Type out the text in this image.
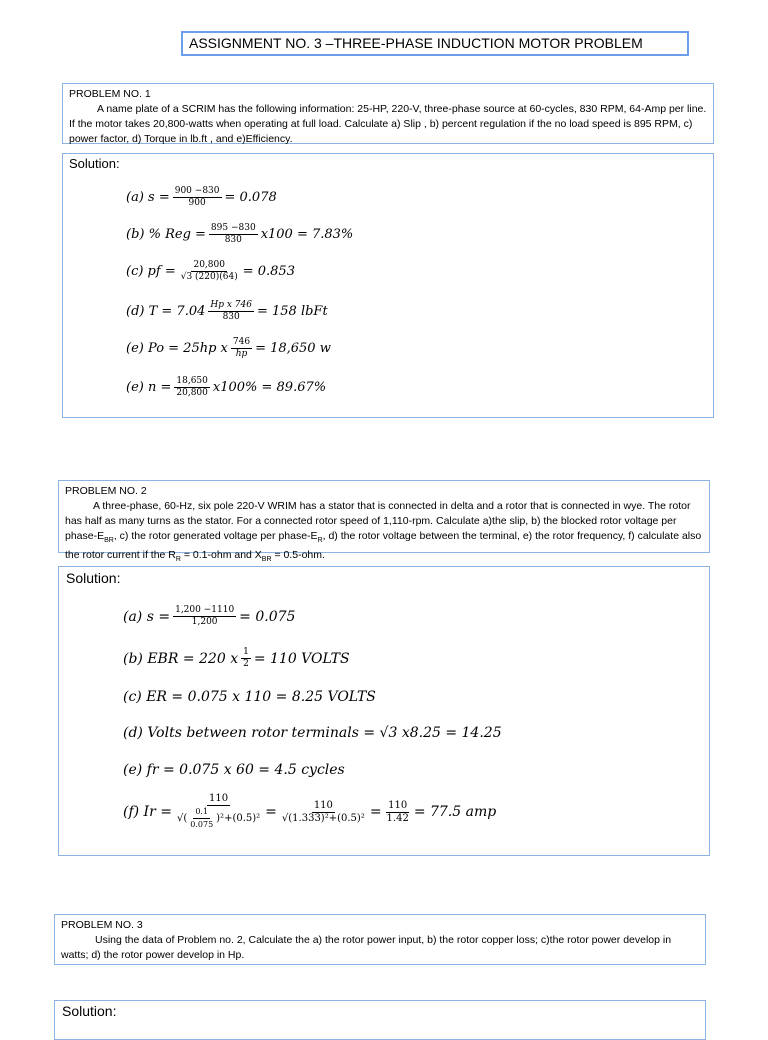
ASSIGNMENT NO. 3 –THREE-PHASE INDUCTION MOTOR PROBLEM

PROBLEM NO. 1

A name plate of a SCRIM has the following information: 25-HP, 220-V, three-phase source at 60-cycles, 830 RPM, 64-Amp per line. If the motor takes 20,800-watts when operating at full load. Calculate a) Slip , b) percent regulation if the no load speed is 895 RPM, c) power factor, d) Torque in lb.ft , and e)Efficiency.

Solution:
(a) $s = \frac{900 -830}{900} = 0.078$
(b) % Reg = $\frac{895 -830}{830} x100 = 7.83\%$
(c) pf = $\frac{20,800}{√3 (220)(64)} = 0.853$
(d) $T = 7.04 \frac{\text{Hp x 746}}{830} = 158$ lbFt
(e) Po = 25hp x $\frac{746}{hp} = 18,650$ w
(e) $n = \frac{18,650}{20,800} x100\% = 89.67\%$

PROBLEM NO. 2

A three-phase, 60-Hz, six pole 220-V WRIM has a stator that is connected in delta and a rotor that is connected in wye. The rotor has half as many turns as the stator. For a connected rotor speed of 1,110-rpm. Calculate a)the slip, b) the blocked rotor voltage per phase-$E_{BR}$, c) the rotor generated voltage per phase-$E_R$, d) the rotor voltage between the terminal, e) the rotor frequency, f) calculate also the rotor current if the $R_R = 0.1-ohm$ and $X_{BR} = 0.5-ohm$.

Solution:
(a) $s = \frac{1,200 -1110}{1,200} = 0.075$
(b) EBR = 220 x $\frac{1}{2} = 110$ VOLTS
(c) ER = 0.075 x 110 = 8.25 VOLTS
(d) Volts between rotor terminals = √3 x8.25 = 14.25
(e) fr = 0.075 x 60 = 4.5 cycles
(f) $Ir = \frac{110}{√( \frac{0.1}{0.075} )^2 +(0.5)^2} = \frac{110}{\text{√(1.333)²+(0.5)²}} = \frac{110}{1.42} = 77.5$ amp

PROBLEM NO. 3

Using the data of Problem no. 2, Calculate the a) the rotor power input, b) the rotor copper loss; c)the rotor power develop in watts; d) the rotor power develop in Hp.

Solution:
